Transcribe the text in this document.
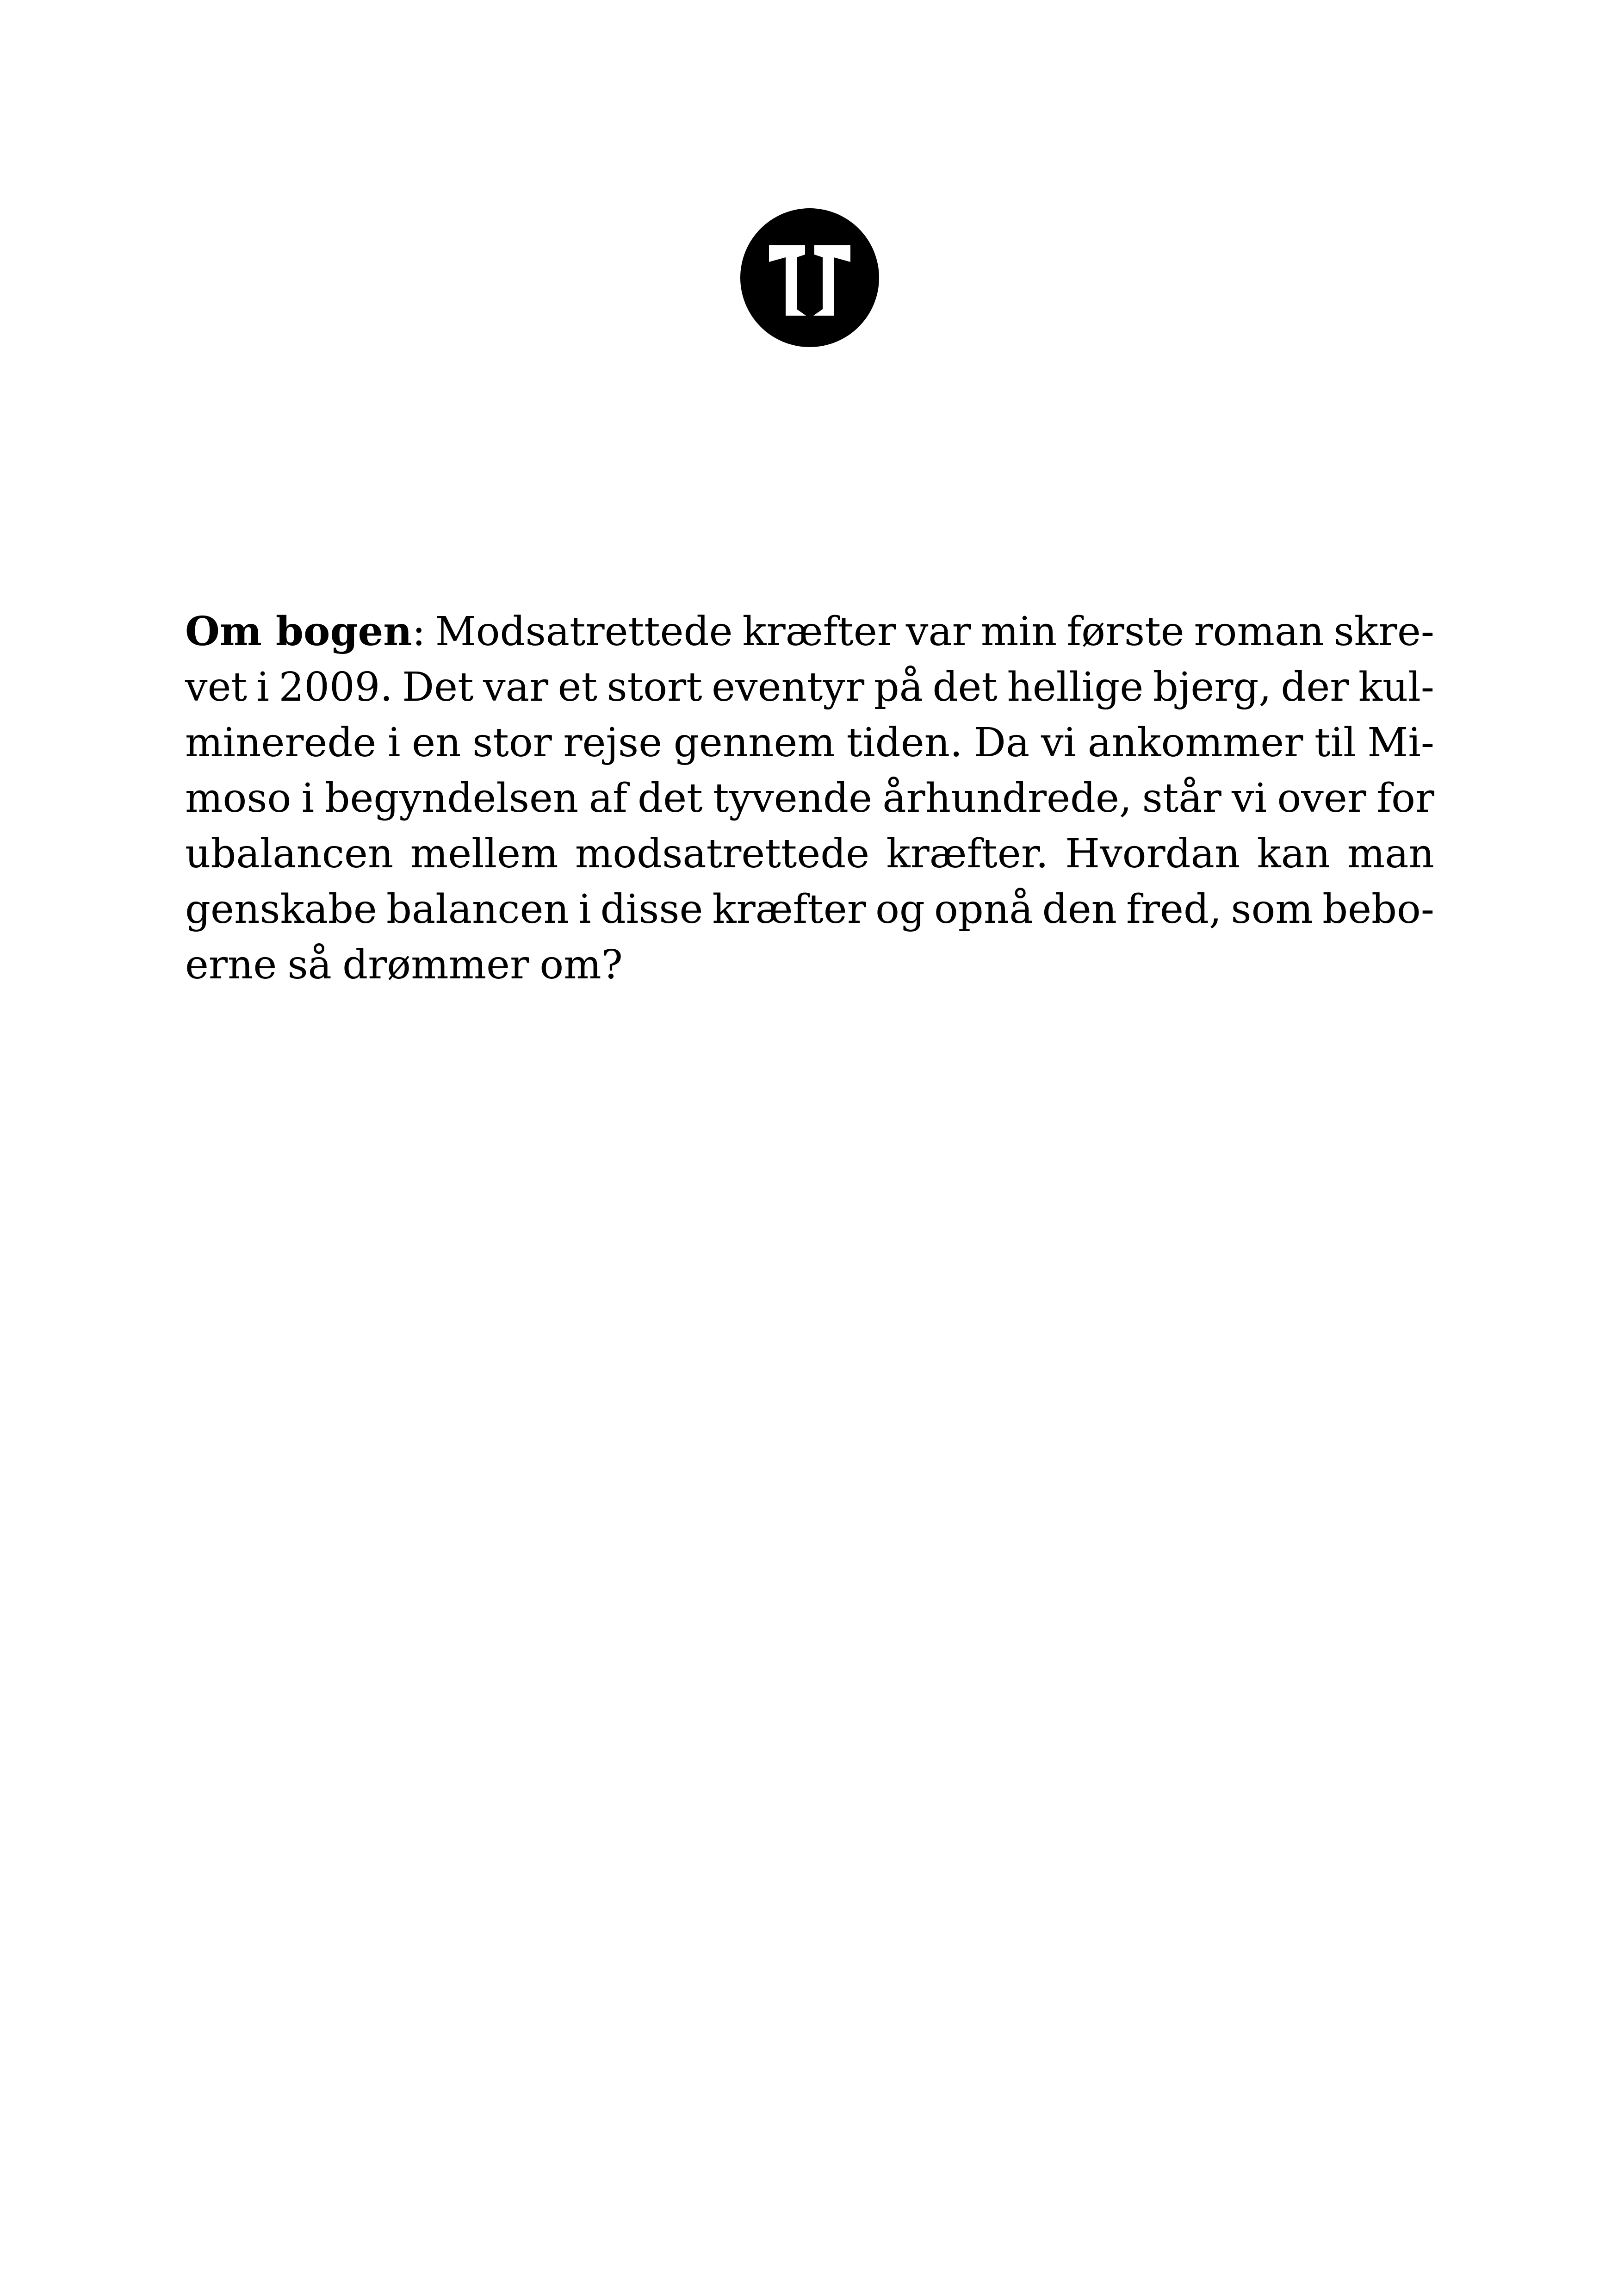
Om bogen: Modsatrettede kræfter var min første roman skre-
vet i 2009. Det var et stort eventyr på det hellige bjerg, der kul-
minerede i en stor rejse gennem tiden. Da vi ankommer til Mi-
moso i begyndelsen af det tyvende århundrede, står vi over for
ubalancen mellem modsatrettede kræfter. Hvordan kan man
genskabe balancen i disse kræfter og opnå den fred, som bebo-
erne så drømmer om?
